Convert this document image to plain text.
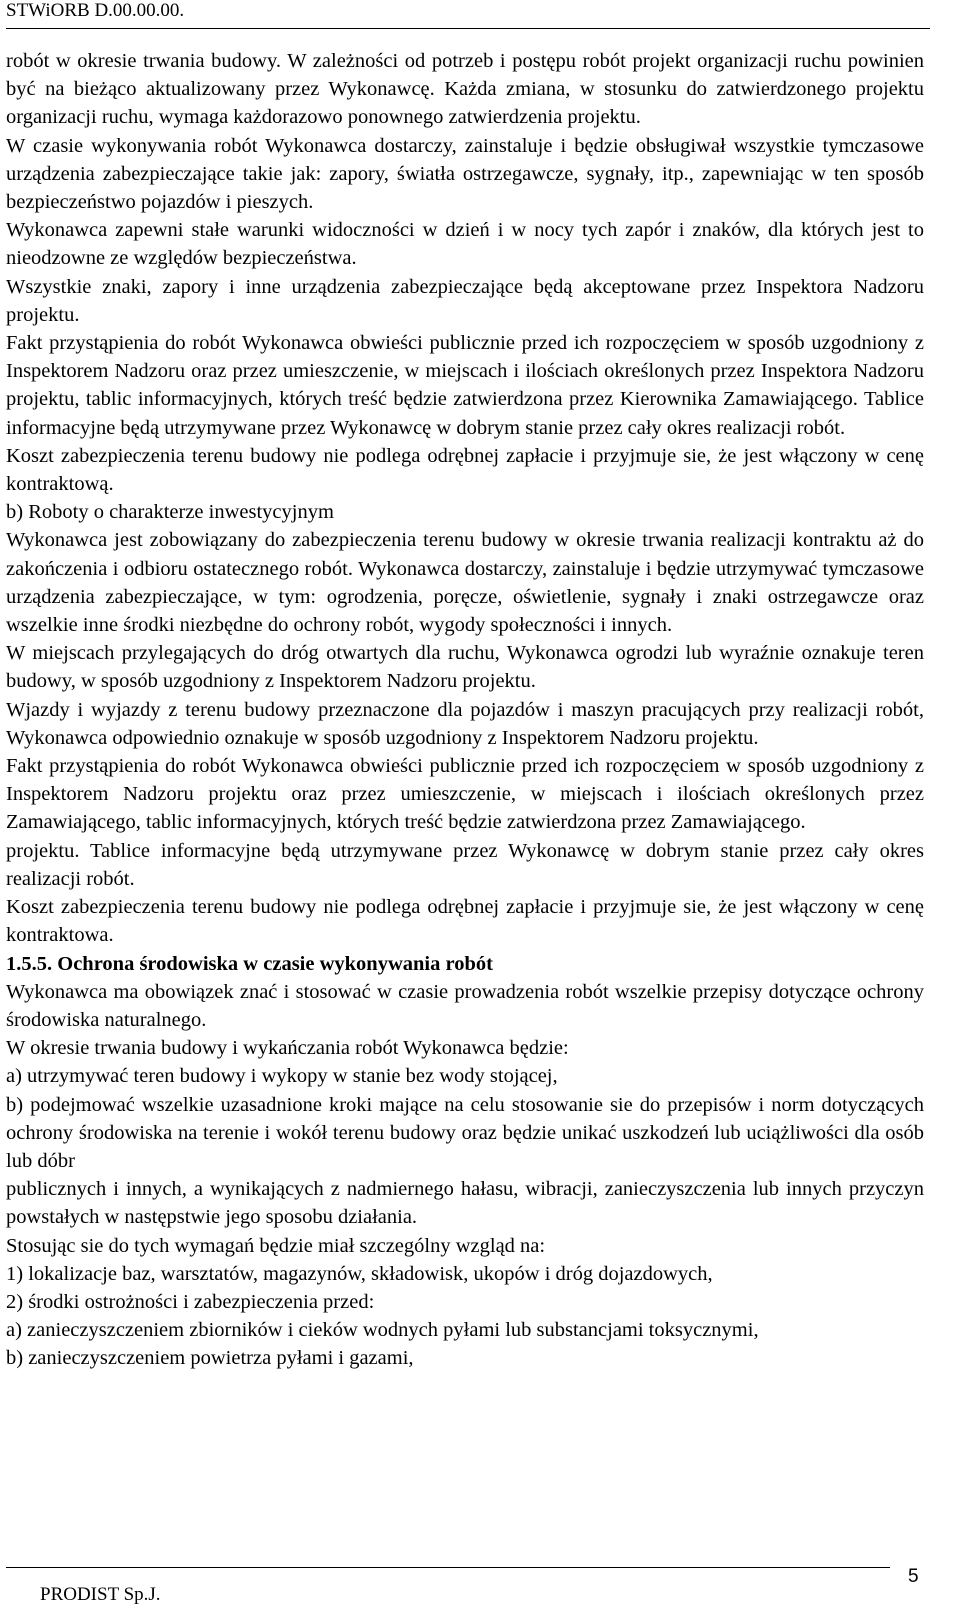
STWiORB D.00.00.00.

robót w okresie trwania budowy. W zależności od potrzeb i postępu robót projekt organizacji ruchu powinien być na bieżąco aktualizowany przez Wykonawcę. Każda zmiana, w stosunku do zatwierdzonego projektu organizacji ruchu, wymaga każdorazowo ponownego zatwierdzenia projektu.

W czasie wykonywania robót Wykonawca dostarczy, zainstaluje i będzie obsługiwał wszystkie tymczasowe urządzenia zabezpieczające takie jak: zapory, światła ostrzegawcze, sygnały, itp., zapewniając w ten sposób bezpieczeństwo pojazdów i pieszych.

Wykonawca zapewni stałe warunki widoczności w dzień i w nocy tych zapór i znaków, dla których jest to nieodzowne ze względów bezpieczeństwa.

Wszystkie znaki, zapory i inne urządzenia zabezpieczające będą akceptowane przez Inspektora Nadzoru projektu.

Fakt przystąpienia do robót Wykonawca obwieści publicznie przed ich rozpoczęciem w sposób uzgodniony z Inspektorem Nadzoru oraz przez umieszczenie, w miejscach i ilościach określonych przez Inspektora Nadzoru projektu, tablic informacyjnych, których treść będzie zatwierdzona przez Kierownika Zamawiającego. Tablice informacyjne będą utrzymywane przez Wykonawcę w dobrym stanie przez cały okres realizacji robót.

Koszt zabezpieczenia terenu budowy nie podlega odrębnej zapłacie i przyjmuje sie, że jest włączony w cenę kontraktową.

b) Roboty o charakterze inwestycyjnym

Wykonawca jest zobowiązany do zabezpieczenia terenu budowy w okresie trwania realizacji kontraktu aż do zakończenia i odbioru ostatecznego robót. Wykonawca dostarczy, zainstaluje i będzie utrzymywać tymczasowe urządzenia zabezpieczające, w tym: ogrodzenia, poręcze, oświetlenie, sygnały i znaki ostrzegawcze oraz wszelkie inne środki niezbędne do ochrony robót, wygody społeczności i innych.

W miejscach przylegających do dróg otwartych dla ruchu, Wykonawca ogrodzi lub wyraźnie oznakuje teren budowy, w sposób uzgodniony z Inspektorem Nadzoru projektu.

Wjazdy i wyjazdy z terenu budowy przeznaczone dla pojazdów i maszyn pracujących przy realizacji robót, Wykonawca odpowiednio oznakuje w sposób uzgodniony z Inspektorem Nadzoru projektu.

Fakt przystąpienia do robót Wykonawca obwieści publicznie przed ich rozpoczęciem w sposób uzgodniony z Inspektorem Nadzoru projektu oraz przez umieszczenie, w miejscach i ilościach określonych przez Zamawiającego, tablic informacyjnych, których treść będzie zatwierdzona przez Zamawiającego.

projektu. Tablice informacyjne będą utrzymywane przez Wykonawcę w dobrym stanie przez cały okres realizacji robót.

Koszt zabezpieczenia terenu budowy nie podlega odrębnej zapłacie i przyjmuje sie, że jest włączony w cenę kontraktowa.

1.5.5. Ochrona środowiska w czasie wykonywania robót

Wykonawca ma obowiązek znać i stosować w czasie prowadzenia robót wszelkie przepisy dotyczące ochrony środowiska naturalnego.

W okresie trwania budowy i wykańczania robót Wykonawca będzie:

a) utrzymywać teren budowy i wykopy w stanie bez wody stojącej,

b) podejmować wszelkie uzasadnione kroki mające na celu stosowanie sie do przepisów i norm dotyczących ochrony środowiska na terenie i wokół terenu budowy oraz będzie unikać uszkodzeń lub uciążliwości dla osób lub dóbr

publicznych i innych, a wynikających z nadmiernego hałasu, wibracji, zanieczyszczenia lub innych przyczyn powstałych w następstwie jego sposobu działania.

Stosując sie do tych wymagań będzie miał szczególny wzgląd na:

1) lokalizacje baz, warsztatów, magazynów, składowisk, ukopów i dróg dojazdowych,

2) środki ostrożności i zabezpieczenia przed:

a) zanieczyszczeniem zbiorników i cieków wodnych pyłami lub substancjami toksycznymi,

b) zanieczyszczeniem powietrza pyłami i gazami,

PRODIST Sp.J.
5
